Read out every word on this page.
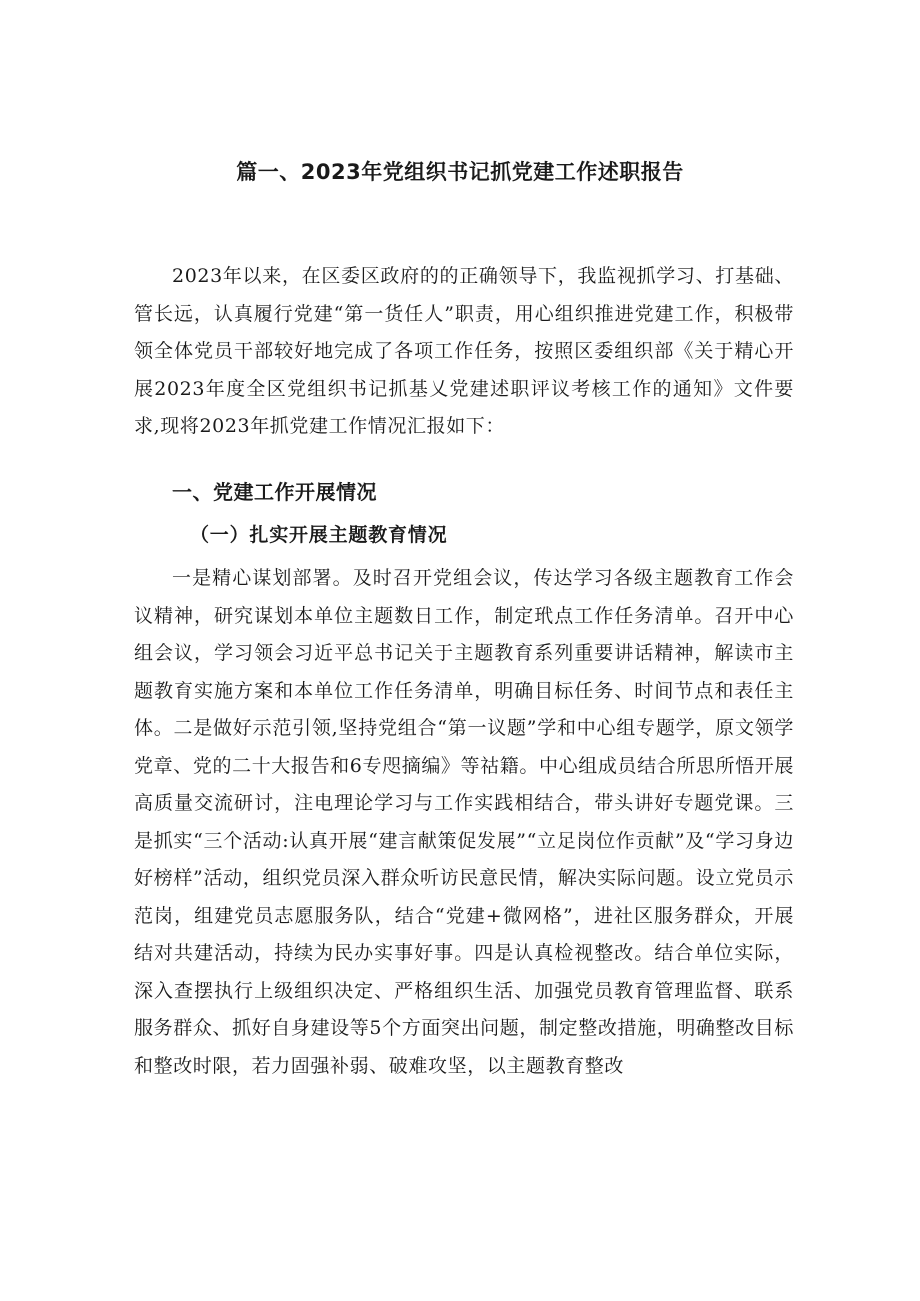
篇一、2023年党组织书记抓党建工作述职报告

2023年以来，在区委区政府的的正确领导下，我监视抓学习、打基础、管长远，认真履行党建“第一货任人”职责，用心组织推进党建工作，积极带领全体党员干部较好地完成了各项工作任务，按照区委组织部《关于精心开展2023年度全区党组织书记抓基乂党建述职评议考核工作的通知》文件要求,现将2023年抓党建工作情况汇报如下：

一、党建工作开展情况
（一）扎实开展主题教育情况

一是精心谋划部署。及时召开党组会议，传达学习各级主题教育工作会议精神，研究谋划本单位主题数日工作，制定玳点工作任务清单。召开中心组会议，学习领会习近平总书记关于主题教育系列重要讲话精神，解读市主题教育实施方案和本单位工作任务清单，明确目标任务、时间节点和表任主体。二是做好示范引领,坚持党组合“第一议题”学和中心组专题学，原文领学党章、党的二十大报告和6专咫摘编》等祜籍。中心组成员结合所思所悟开展高质量交流研讨，注电理论学习与工作实践相结合，带头讲好专题党课。三是抓实“三个活动:认真开展“建言献策促发展”“立足岗位作贡献”及“学习身边好榜样”活动，组织党员深入群众听访民意民情，解决实际问题。设立党员示范岗，组建党员志愿服务队，结合“党建+微网格”，进社区服务群众，开展结对共建活动，持续为民办实事好事。四是认真检视整改。结合单位实际，深入查摆执行上级组织决定、严格组织生活、加强党员教育管理监督、联系服务群众、抓好自身建设等5个方面突出问题，制定整改措施，明确整改目标和整改时限，若力固强补弱、破难攻坚，以主题教育整改
